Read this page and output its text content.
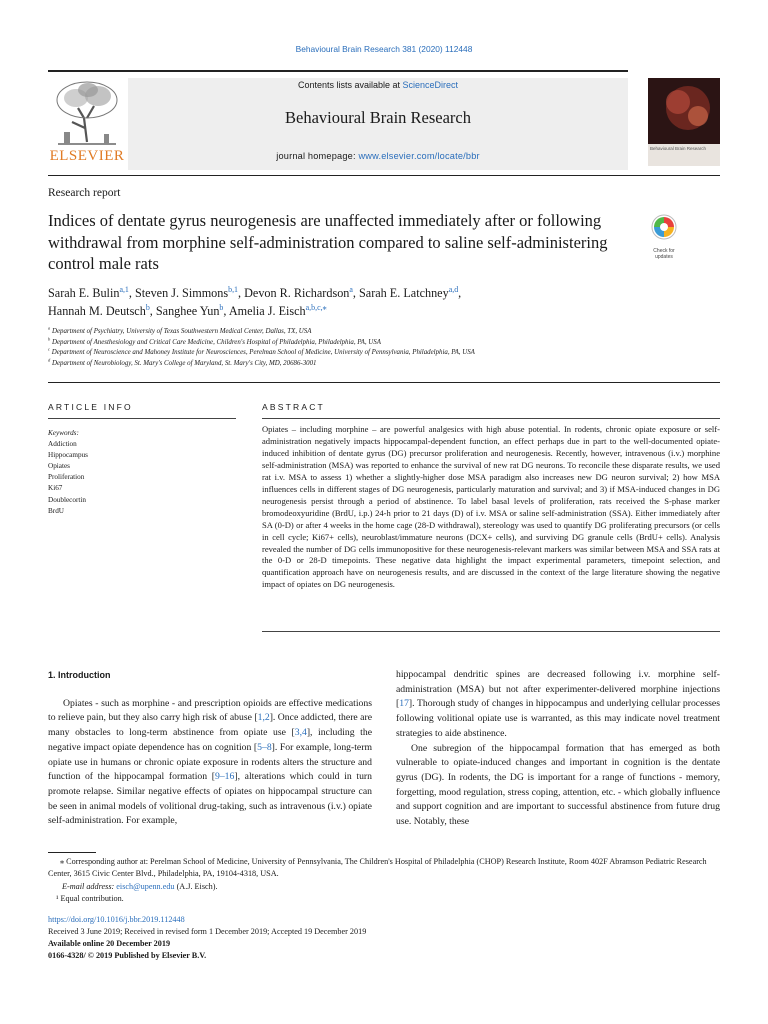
Behavioural Brain Research 381 (2020) 112448
ELSEVIER
Contents lists available at ScienceDirect
Behavioural Brain Research
journal homepage: www.elsevier.com/locate/bbr
Behavioural Brain Research
Research report
Indices of dentate gyrus neurogenesis are unaffected immediately after or following withdrawal from morphine self-administration compared to saline self-administering control male rats
Check for updates
Sarah E. Bulin$^{a,1}$, Steven J. Simmons$^{b,1}$, Devon R. Richardson$^a$, Sarah E. Latchney$^{a,d}$,
Hannah M. Deutsch$^b$, Sanghee Yun$^b$, Amelia J. Eisch$^{a,b,c,⁎}$
$^a$ Department of Psychiatry, University of Texas Southwestern Medical Center, Dallas, TX, USA
$^b$ Department of Anesthesiology and Critical Care Medicine, Children's Hospital of Philadelphia, Philadelphia, PA, USA
$^c$ Department of Neuroscience and Mahoney Institute for Neurosciences, Perelman School of Medicine, University of Pennsylvania, Philadelphia, PA, USA
$^d$ Department of Neurobiology, St. Mary's College of Maryland, St. Mary's City, MD, 20686-3001
ARTICLE INFO
Keywords:
Addiction
Hippocampus
Opiates
Proliferation
Ki67
Doublecortin
BrdU
ABSTRACT
Opiates – including morphine – are powerful analgesics with high abuse potential. In rodents, chronic opiate exposure or self-administration negatively impacts hippocampal-dependent function, an effect perhaps due in part to the well-documented opiate-induced inhibition of dentate gyrus (DG) precursor proliferation and neurogenesis. Recently, however, intravenous (i.v.) morphine self-administration (MSA) was reported to enhance the survival of new rat DG neurons. To reconcile these disparate results, we used rat i.v. MSA to assess 1) whether a slightly-higher dose MSA paradigm also increases new DG neuron survival; 2) how MSA influences cells in different stages of DG neurogenesis, particularly maturation and survival; and 3) if MSA-induced changes in DG neurogenesis persist through a period of abstinence. To label basal levels of proliferation, rats received the S-phase marker bromodeoxyuridine (BrdU, i.p.) 24-h prior to 21 days (D) of i.v. MSA or saline self-administration (SSA). Either immediately after SA (0-D) or after 4 weeks in the home cage (28-D withdrawal), stereology was used to quantify DG proliferating precursors (or cells in cell cycle; Ki67+ cells), neuroblast/immature neurons (DCX+ cells), and surviving DG granule cells (BrdU+ cells). Analysis revealed the number of DG cells immunopositive for these neurogenesis-relevant markers was similar between MSA and SSA rats at the 0-D or 28-D timepoints. These negative data highlight the impact experimental parameters, timepoint selection, and quantification approach have on neurogenesis results, and are discussed in the context of the large literature showing the negative impact of opiates on DG neurogenesis.
1. Introduction

Opiates - such as morphine - and prescription opioids are effective medications to relieve pain, but they also carry high risk of abuse [1,2]. Once addicted, there are many obstacles to long-term abstinence from opiate use [3,4], including the negative impact opiate dependence has on cognition [5–8]. For example, long-term opiate use in humans or chronic opiate exposure in rodents alters the structure and function of the hippocampal formation [9–16], alterations which could in turn promote relapse. Similar negative effects of opiates on hippocampal structure can be seen in animal models of volitional drug-taking, such as intravenous (i.v.) opiate self-administration. For example,

hippocampal dendritic spines are decreased following i.v. morphine self-administration (MSA) but not after experimenter-delivered morphine injections [17]. Thorough study of changes in hippocampus and underlying cellular processes following volitional opiate use is warranted, as this may indicate novel treatment strategies to aide abstinence.

One subregion of the hippocampal formation that has emerged as both vulnerable to opiate-induced changes and important in cognition is the dentate gyrus (DG). In rodents, the DG is important for a range of functions - memory, forgetting, mood regulation, stress coping, attention, etc. - which globally influence and support cognition and are important to successful abstinence from future drug use. Notably, these

⁎ Corresponding author at: Perelman School of Medicine, University of Pennsylvania, The Children's Hospital of Philadelphia (CHOP) Research Institute, Room 402F Abramson Pediatric Research Center, 3615 Civic Center Blvd., Philadelphia, PA, 19104-4318, USA.

E-mail address: eisch@upenn.edu (A.J. Eisch).

¹ Equal contribution.

https://doi.org/10.1016/j.bbr.2019.112448

Received 3 June 2019; Received in revised form 1 December 2019; Accepted 19 December 2019

Available online 20 December 2019

0166-4328/ © 2019 Published by Elsevier B.V.
